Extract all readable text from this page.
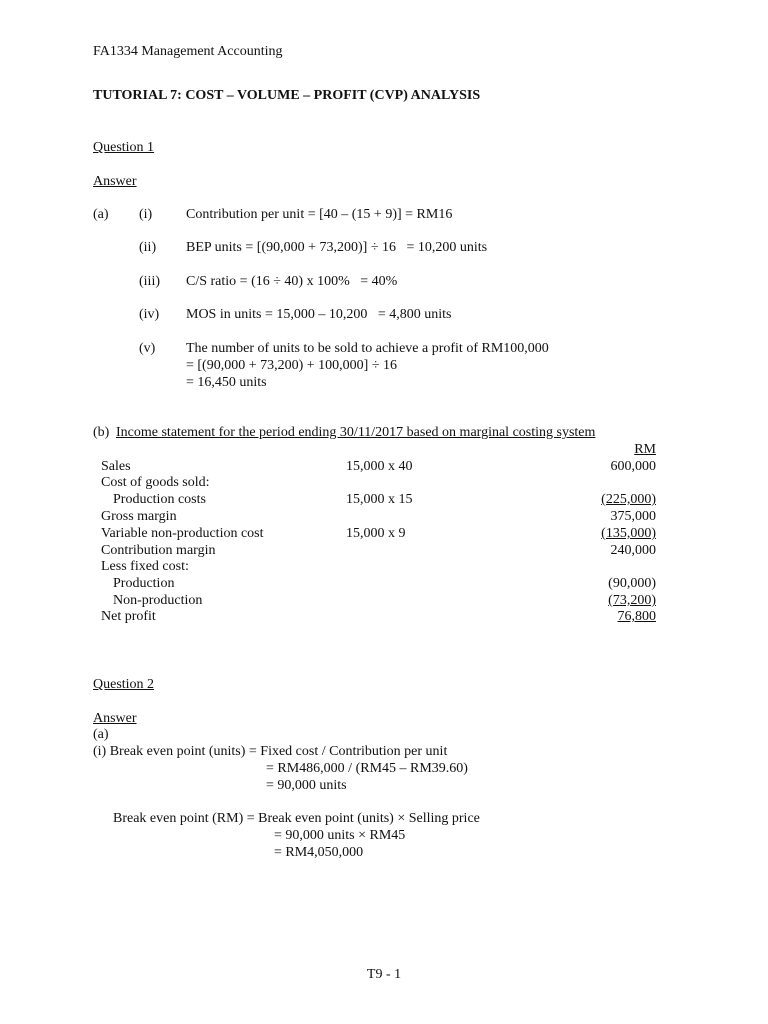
FA1334 Management Accounting
TUTORIAL 7: COST – VOLUME – PROFIT (CVP) ANALYSIS
Question 1
Answer
(a) (i) Contribution per unit = [40 – (15 + 9)] = RM16
(ii) BEP units = [(90,000 + 73,200)] ÷ 16   = 10,200 units
(iii) C/S ratio = (16 ÷ 40) x 100%   = 40%
(iv) MOS in units = 15,000 – 10,200   = 4,800 units
(v) The number of units to be sold to achieve a profit of RM100,000
= [(90,000 + 73,200) + 100,000] ÷ 16
= 16,450 units
(b) Income statement for the period ending 30/11/2017 based on marginal costing system
RM
Sales	15,000 x 40	600,000
Cost of goods sold:
Production costs	15,000 x 15	(225,000)
Gross margin	375,000
Variable non-production cost	15,000 x 9	(135,000)
Contribution margin	240,000
Less fixed cost:
Production	(90,000)
Non-production	(73,200)
Net profit	76,800
Question 2
Answer
(a)
(i) Break even point (units) = Fixed cost / Contribution per unit
= RM486,000 / (RM45 – RM39.60)
= 90,000 units
Break even point (RM) = Break even point (units) × Selling price
= 90,000 units × RM45
= RM4,050,000
T9 - 1
